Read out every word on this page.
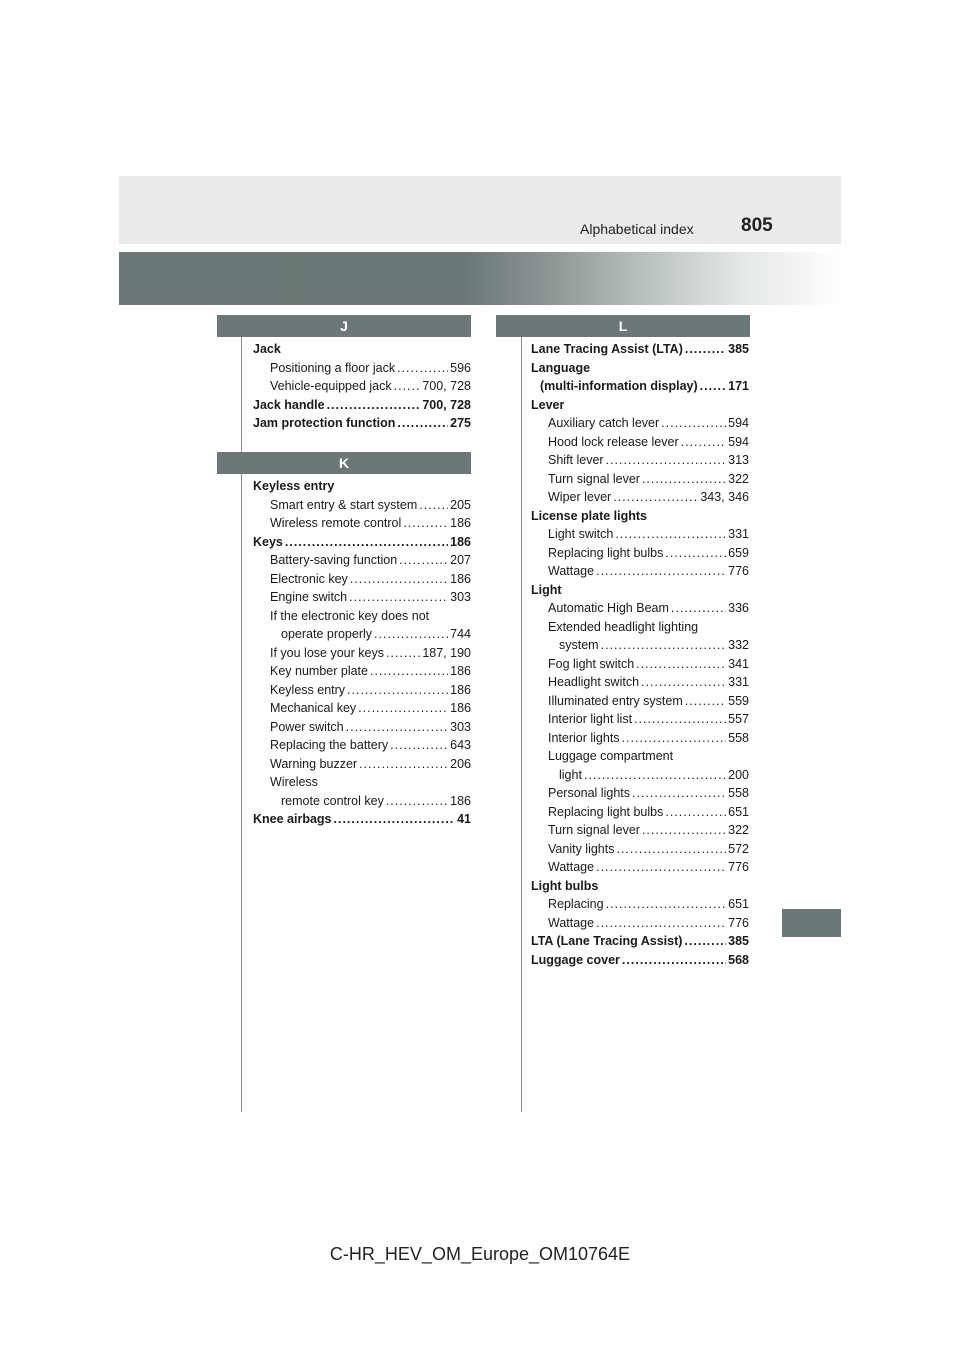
Alphabetical index 805
J
Jack
Positioning a floor jack .....	596
Vehicle-equipped jack ..... 700, 728
Jack handle .....	700, 728
Jam protection function .....	275
K
Keyless entry
Smart entry & start system .....	205
Wireless remote control .....	186
Keys .....	186
Battery-saving function .....	207
Electronic key .....	186
Engine switch .....	303
If the electronic key does not
operate properly .....	744
If you lose your keys .....	187, 190
Key number plate .....	186
Keyless entry .....	186
Mechanical key .....	186
Power switch .....	303
Replacing the battery .....	643
Warning buzzer .....	206
Wireless
remote control key .....	186
Knee airbags .....	41
L
Lane Tracing Assist (LTA) .....	385
Language
(multi-information display) ..... 171
Lever
Auxiliary catch lever .....	594
Hood lock release lever .....	594
Shift lever .....	313
Turn signal lever .....	322
Wiper lever .....	343, 346
License plate lights
Light switch .....	331
Replacing light bulbs .....	659
Wattage .....	776
Light
Automatic High Beam .....	336
Extended headlight lighting
system .....	332
Fog light switch .....	341
Headlight switch .....	331
Illuminated entry system .....	559
Interior light list .....	557
Interior lights .....	558
Luggage compartment
light .....	200
Personal lights .....	558
Replacing light bulbs .....	651
Turn signal lever .....	322
Vanity lights .....	572
Wattage .....	776
Light bulbs
Replacing .....	651
Wattage .....	776
LTA (Lane Tracing Assist) .....	385
Luggage cover .....	568
C-HR_HEV_OM_Europe_OM10764E
